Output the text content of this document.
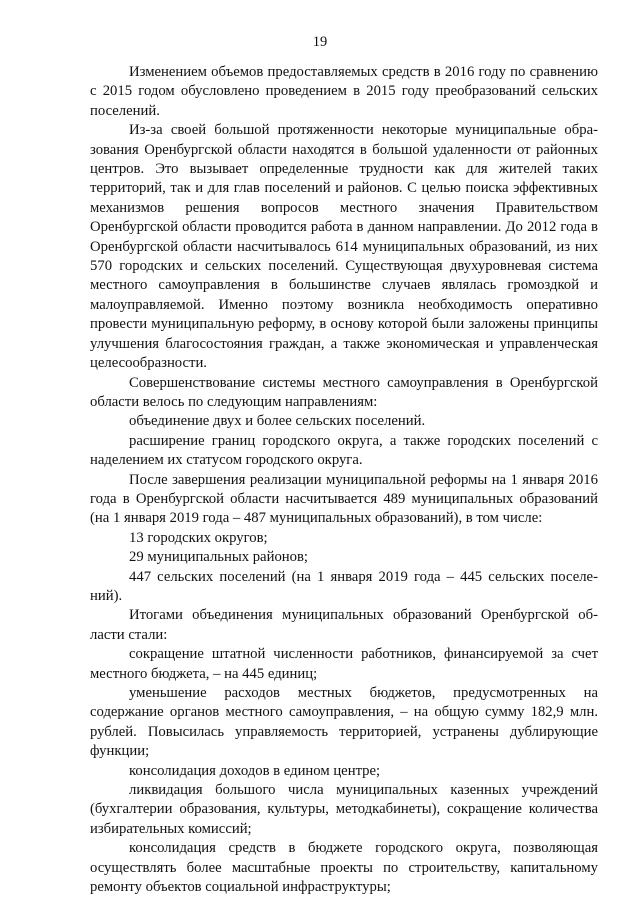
19

Изменением объемов предоставляемых средств в 2016 году по сравнению с 2015 годом обусловлено проведением в 2015 году преобразований сельских поселений.

Из-за своей большой протяженности некоторые муниципальные образования Оренбургской области находятся в большой удаленности от районных центров. Это вызывает определенные трудности как для жителей таких территорий, так и для глав поселений и районов. С целью поиска эффективных механизмов решения вопросов местного значения Правительством Оренбургской области проводится работа в данном направлении. До 2012 года в Оренбургской области насчитывалось 614 муниципальных образований, из них 570 городских и сельских поселений. Существующая двухуровневая система местного самоуправления в большинстве случаев являлась громоздкой и малоуправляемой. Именно поэтому возникла необходимость оперативно провести муниципальную реформу, в основу которой были заложены принципы улучшения благосостояния граждан, а также экономическая и управленческая целесообразности.

Совершенствование системы местного самоуправления в Оренбургской области велось по следующим направлениям:

объединение двух и более сельских поселений.

расширение границ городского округа, а также городских поселений с наделением их статусом городского округа.

После завершения реализации муниципальной реформы на 1 января 2016 года в Оренбургской области насчитывается 489 муниципальных образований (на 1 января 2019 года – 487 муниципальных образований), в том числе:

13 городских округов;

29 муниципальных районов;

447 сельских поселений (на 1 января 2019 года – 445 сельских поселений).

Итогами объединения муниципальных образований Оренбургской области стали:

сокращение штатной численности работников, финансируемой за счет местного бюджета, – на 445 единиц;

уменьшение расходов местных бюджетов, предусмотренных на содержание органов местного самоуправления, – на общую сумму 182,9 млн. рублей. Повысилась управляемость территорией, устранены дублирующие функции;

консолидация доходов в едином центре;

ликвидация большого числа муниципальных казенных учреждений (бухгалтерии образования, культуры, методкабинеты), сокращение количества избирательных комиссий;

консолидация средств в бюджете городского округа, позволяющая осуществлять более масштабные проекты по строительству, капитальному ремонту объектов социальной инфраструктуры;
